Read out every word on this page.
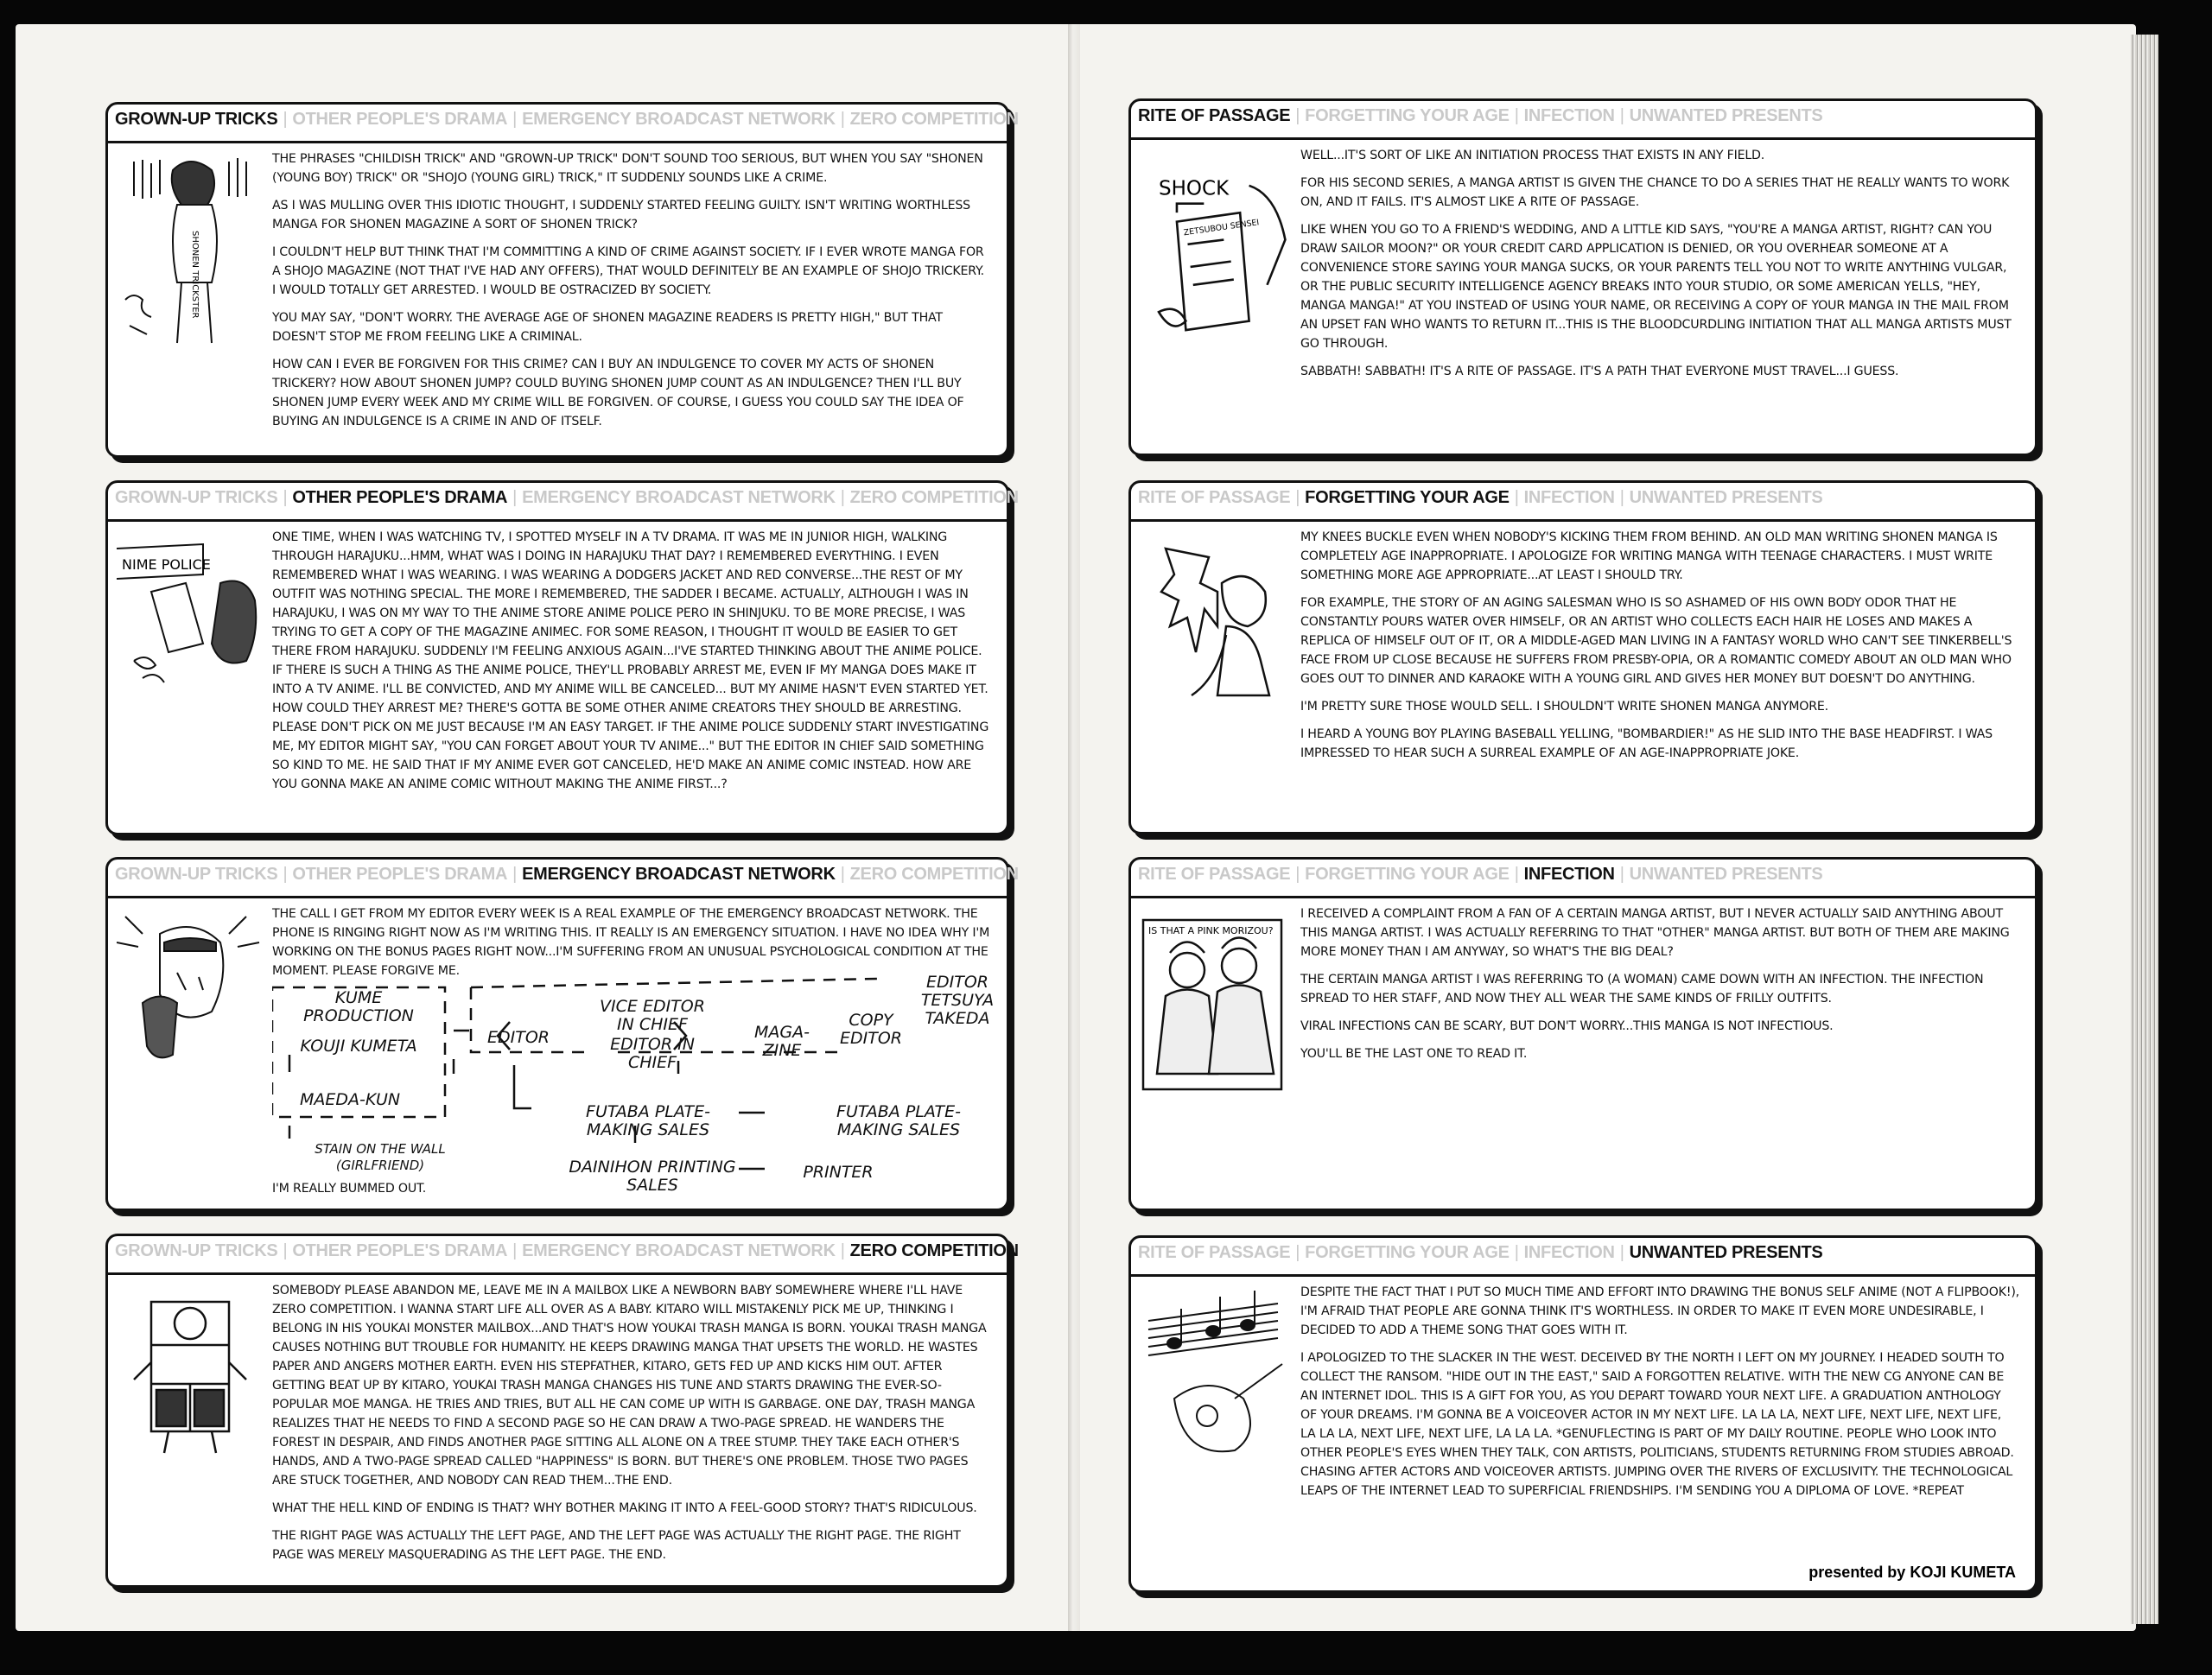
GROWN-UP TRICKS | OTHER PEOPLE'S DRAMA | EMERGENCY BROADCAST NETWORK | ZERO COMPETITION
SHONEN TRICKSTER

THE PHRASES "CHILDISH TRICK" AND "GROWN-UP TRICK" DON'T SOUND TOO SERIOUS, BUT WHEN YOU SAY "SHONEN (YOUNG BOY) TRICK" OR "SHOJO (YOUNG GIRL) TRICK," IT SUDDENLY SOUNDS LIKE A CRIME.

AS I WAS MULLING OVER THIS IDIOTIC THOUGHT, I SUDDENLY STARTED FEELING GUILTY. ISN'T WRITING WORTHLESS MANGA FOR SHONEN MAGAZINE A SORT OF SHONEN TRICK?

I COULDN'T HELP BUT THINK THAT I'M COMMITTING A KIND OF CRIME AGAINST SOCIETY. IF I EVER WROTE MANGA FOR A SHOJO MAGAZINE (NOT THAT I'VE HAD ANY OFFERS), THAT WOULD DEFINITELY BE AN EXAMPLE OF SHOJO TRICKERY. I WOULD TOTALLY GET ARRESTED. I WOULD BE OSTRACIZED BY SOCIETY.

YOU MAY SAY, "DON'T WORRY. THE AVERAGE AGE OF SHONEN MAGAZINE READERS IS PRETTY HIGH," BUT THAT DOESN'T STOP ME FROM FEELING LIKE A CRIMINAL.

HOW CAN I EVER BE FORGIVEN FOR THIS CRIME? CAN I BUY AN INDULGENCE TO COVER MY ACTS OF SHONEN TRICKERY? HOW ABOUT SHONEN JUMP? COULD BUYING SHONEN JUMP COUNT AS AN INDULGENCE? THEN I'LL BUY SHONEN JUMP EVERY WEEK AND MY CRIME WILL BE FORGIVEN. OF COURSE, I GUESS YOU COULD SAY THE IDEA OF BUYING AN INDULGENCE IS A CRIME IN AND OF ITSELF.

GROWN-UP TRICKS | OTHER PEOPLE'S DRAMA | EMERGENCY BROADCAST NETWORK | ZERO COMPETITION
NIME POLICE

ONE TIME, WHEN I WAS WATCHING TV, I SPOTTED MYSELF IN A TV DRAMA. IT WAS ME IN JUNIOR HIGH, WALKING THROUGH HARAJUKU...HMM, WHAT WAS I DOING IN HARAJUKU THAT DAY? I REMEMBERED EVERYTHING. I EVEN REMEMBERED WHAT I WAS WEARING. I WAS WEARING A DODGERS JACKET AND RED CONVERSE...THE REST OF MY OUTFIT WAS NOTHING SPECIAL. THE MORE I REMEMBERED, THE SADDER I BECAME. ACTUALLY, ALTHOUGH I WAS IN HARAJUKU, I WAS ON MY WAY TO THE ANIME STORE ANIME POLICE PERO IN SHINJUKU. TO BE MORE PRECISE, I WAS TRYING TO GET A COPY OF THE MAGAZINE ANIMEC. FOR SOME REASON, I THOUGHT IT WOULD BE EASIER TO GET THERE FROM HARAJUKU. SUDDENLY I'M FEELING ANXIOUS AGAIN...I'VE STARTED THINKING ABOUT THE ANIME POLICE. IF THERE IS SUCH A THING AS THE ANIME POLICE, THEY'LL PROBABLY ARREST ME, EVEN IF MY MANGA DOES MAKE IT INTO A TV ANIME. I'LL BE CONVICTED, AND MY ANIME WILL BE CANCELED... BUT MY ANIME HASN'T EVEN STARTED YET. HOW COULD THEY ARREST ME? THERE'S GOTTA BE SOME OTHER ANIME CREATORS THEY SHOULD BE ARRESTING. PLEASE DON'T PICK ON ME JUST BECAUSE I'M AN EASY TARGET. IF THE ANIME POLICE SUDDENLY START INVESTIGATING ME, MY EDITOR MIGHT SAY, "YOU CAN FORGET ABOUT YOUR TV ANIME..." BUT THE EDITOR IN CHIEF SAID SOMETHING SO KIND TO ME. HE SAID THAT IF MY ANIME EVER GOT CANCELED, HE'D MAKE AN ANIME COMIC INSTEAD. HOW ARE YOU GONNA MAKE AN ANIME COMIC WITHOUT MAKING THE ANIME FIRST...?

GROWN-UP TRICKS | OTHER PEOPLE'S DRAMA | EMERGENCY BROADCAST NETWORK | ZERO COMPETITION

THE CALL I GET FROM MY EDITOR EVERY WEEK IS A REAL EXAMPLE OF THE EMERGENCY BROADCAST NETWORK. THE PHONE IS RINGING RIGHT NOW AS I'M WRITING THIS. IT REALLY IS AN EMERGENCY SITUATION. I HAVE NO IDEA WHY I'M WORKING ON THE BONUS PAGES RIGHT NOW...I'M SUFFERING FROM AN UNUSUAL PSYCHOLOGICAL CONDITION AT THE MOMENT. PLEASE FORGIVE ME.

KUME PRODUCTION
KOUJI KUMETA
MAEDA-KUN
STAIN ON THE WALL (GIRLFRIEND)
EDITOR
VICE EDITOR IN CHIEF
EDITOR IN CHIEF
MAGA- ZINE
COPY EDITOR
EDITOR TETSUYA TAKEDA
FUTABA PLATE-MAKING SALES
FUTABA PLATE- MAKING SALES
DAINIHON PRINTING SALES
PRINTER

I'M REALLY BUMMED OUT.

GROWN-UP TRICKS | OTHER PEOPLE'S DRAMA | EMERGENCY BROADCAST NETWORK | ZERO COMPETITION

SOMEBODY PLEASE ABANDON ME, LEAVE ME IN A MAILBOX LIKE A NEWBORN BABY SOMEWHERE WHERE I'LL HAVE ZERO COMPETITION. I WANNA START LIFE ALL OVER AS A BABY. KITARO WILL MISTAKENLY PICK ME UP, THINKING I BELONG IN HIS YOUKAI MONSTER MAILBOX...AND THAT'S HOW YOUKAI TRASH MANGA IS BORN. YOUKAI TRASH MANGA CAUSES NOTHING BUT TROUBLE FOR HUMANITY. HE KEEPS DRAWING MANGA THAT UPSETS THE WORLD. HE WASTES PAPER AND ANGERS MOTHER EARTH. EVEN HIS STEPFATHER, KITARO, GETS FED UP AND KICKS HIM OUT. AFTER GETTING BEAT UP BY KITARO, YOUKAI TRASH MANGA CHANGES HIS TUNE AND STARTS DRAWING THE EVER-SO-POPULAR MOE MANGA. HE TRIES AND TRIES, BUT ALL HE CAN COME UP WITH IS GARBAGE. ONE DAY, TRASH MANGA REALIZES THAT HE NEEDS TO FIND A SECOND PAGE SO HE CAN DRAW A TWO-PAGE SPREAD. HE WANDERS THE FOREST IN DESPAIR, AND FINDS ANOTHER PAGE SITTING ALL ALONE ON A TREE STUMP. THEY TAKE EACH OTHER'S HANDS, AND A TWO-PAGE SPREAD CALLED "HAPPINESS" IS BORN. BUT THERE'S ONE PROBLEM. THOSE TWO PAGES ARE STUCK TOGETHER, AND NOBODY CAN READ THEM...THE END.

WHAT THE HELL KIND OF ENDING IS THAT? WHY BOTHER MAKING IT INTO A FEEL-GOOD STORY? THAT'S RIDICULOUS.

THE RIGHT PAGE WAS ACTUALLY THE LEFT PAGE, AND THE LEFT PAGE WAS ACTUALLY THE RIGHT PAGE. THE RIGHT PAGE WAS MERELY MASQUERADING AS THE LEFT PAGE. THE END.

RITE OF PASSAGE | FORGETTING YOUR AGE | INFECTION | UNWANTED PRESENTS
SHOCK
ZETSUBOU SENSEI

WELL...IT'S SORT OF LIKE AN INITIATION PROCESS THAT EXISTS IN ANY FIELD.

FOR HIS SECOND SERIES, A MANGA ARTIST IS GIVEN THE CHANCE TO DO A SERIES THAT HE REALLY WANTS TO WORK ON, AND IT FAILS. IT'S ALMOST LIKE A RITE OF PASSAGE.

LIKE WHEN YOU GO TO A FRIEND'S WEDDING, AND A LITTLE KID SAYS, "YOU'RE A MANGA ARTIST, RIGHT? CAN YOU DRAW SAILOR MOON?" OR YOUR CREDIT CARD APPLICATION IS DENIED, OR YOU OVERHEAR SOMEONE AT A CONVENIENCE STORE SAYING YOUR MANGA SUCKS, OR YOUR PARENTS TELL YOU NOT TO WRITE ANYTHING VULGAR, OR THE PUBLIC SECURITY INTELLIGENCE AGENCY BREAKS INTO YOUR STUDIO, OR SOME AMERICAN YELLS, "HEY, MANGA MANGA!" AT YOU INSTEAD OF USING YOUR NAME, OR RECEIVING A COPY OF YOUR MANGA IN THE MAIL FROM AN UPSET FAN WHO WANTS TO RETURN IT...THIS IS THE BLOODCURDLING INITIATION THAT ALL MANGA ARTISTS MUST GO THROUGH.

SABBATH! SABBATH! IT'S A RITE OF PASSAGE. IT'S A PATH THAT EVERYONE MUST TRAVEL...I GUESS.

RITE OF PASSAGE | FORGETTING YOUR AGE | INFECTION | UNWANTED PRESENTS

MY KNEES BUCKLE EVEN WHEN NOBODY'S KICKING THEM FROM BEHIND. AN OLD MAN WRITING SHONEN MANGA IS COMPLETELY AGE INAPPROPRIATE. I APOLOGIZE FOR WRITING MANGA WITH TEENAGE CHARACTERS. I MUST WRITE SOMETHING MORE AGE APPROPRIATE...AT LEAST I SHOULD TRY.

FOR EXAMPLE, THE STORY OF AN AGING SALESMAN WHO IS SO ASHAMED OF HIS OWN BODY ODOR THAT HE CONSTANTLY POURS WATER OVER HIMSELF, OR AN ARTIST WHO COLLECTS EACH HAIR HE LOSES AND MAKES A REPLICA OF HIMSELF OUT OF IT, OR A MIDDLE-AGED MAN LIVING IN A FANTASY WORLD WHO CAN'T SEE TINKERBELL'S FACE FROM UP CLOSE BECAUSE HE SUFFERS FROM PRESBY-OPIA, OR A ROMANTIC COMEDY ABOUT AN OLD MAN WHO GOES OUT TO DINNER AND KARAOKE WITH A YOUNG GIRL AND GIVES HER MONEY BUT DOESN'T DO ANYTHING.

I'M PRETTY SURE THOSE WOULD SELL. I SHOULDN'T WRITE SHONEN MANGA ANYMORE.

I HEARD A YOUNG BOY PLAYING BASEBALL YELLING, "BOMBARDIER!" AS HE SLID INTO THE BASE HEADFIRST. I WAS IMPRESSED TO HEAR SUCH A SURREAL EXAMPLE OF AN AGE-INAPPROPRIATE JOKE.

RITE OF PASSAGE | FORGETTING YOUR AGE | INFECTION | UNWANTED PRESENTS
IS THAT A PINK MORIZOU?

I RECEIVED A COMPLAINT FROM A FAN OF A CERTAIN MANGA ARTIST, BUT I NEVER ACTUALLY SAID ANYTHING ABOUT THIS MANGA ARTIST. I WAS ACTUALLY REFERRING TO THAT "OTHER" MANGA ARTIST. BUT BOTH OF THEM ARE MAKING MORE MONEY THAN I AM ANYWAY, SO WHAT'S THE BIG DEAL?

THE CERTAIN MANGA ARTIST I WAS REFERRING TO (A WOMAN) CAME DOWN WITH AN INFECTION. THE INFECTION SPREAD TO HER STAFF, AND NOW THEY ALL WEAR THE SAME KINDS OF FRILLY OUTFITS.

VIRAL INFECTIONS CAN BE SCARY, BUT DON'T WORRY...THIS MANGA IS NOT INFECTIOUS.

YOU'LL BE THE LAST ONE TO READ IT.

RITE OF PASSAGE | FORGETTING YOUR AGE | INFECTION | UNWANTED PRESENTS

DESPITE THE FACT THAT I PUT SO MUCH TIME AND EFFORT INTO DRAWING THE BONUS SELF ANIME (NOT A FLIPBOOK!), I'M AFRAID THAT PEOPLE ARE GONNA THINK IT'S WORTHLESS. IN ORDER TO MAKE IT EVEN MORE UNDESIRABLE, I DECIDED TO ADD A THEME SONG THAT GOES WITH IT.

I APOLOGIZED TO THE SLACKER IN THE WEST. DECEIVED BY THE NORTH I LEFT ON MY JOURNEY. I HEADED SOUTH TO COLLECT THE RANSOM. "HIDE OUT IN THE EAST," SAID A FORGOTTEN RELATIVE. WITH THE NEW CG ANYONE CAN BE AN INTERNET IDOL. THIS IS A GIFT FOR YOU, AS YOU DEPART TOWARD YOUR NEXT LIFE. A GRADUATION ANTHOLOGY OF YOUR DREAMS. I'M GONNA BE A VOICEOVER ACTOR IN MY NEXT LIFE. LA LA LA, NEXT LIFE, NEXT LIFE, NEXT LIFE, LA LA LA, NEXT LIFE, NEXT LIFE, LA LA LA. *GENUFLECTING IS PART OF MY DAILY ROUTINE. PEOPLE WHO LOOK INTO OTHER PEOPLE'S EYES WHEN THEY TALK, CON ARTISTS, POLITICIANS, STUDENTS RETURNING FROM STUDIES ABROAD. CHASING AFTER ACTORS AND VOICEOVER ARTISTS. JUMPING OVER THE RIVERS OF EXCLUSIVITY. THE TECHNOLOGICAL LEAPS OF THE INTERNET LEAD TO SUPERFICIAL FRIENDSHIPS. I'M SENDING YOU A DIPLOMA OF LOVE. *REPEAT

presented by KOJI KUMETA
